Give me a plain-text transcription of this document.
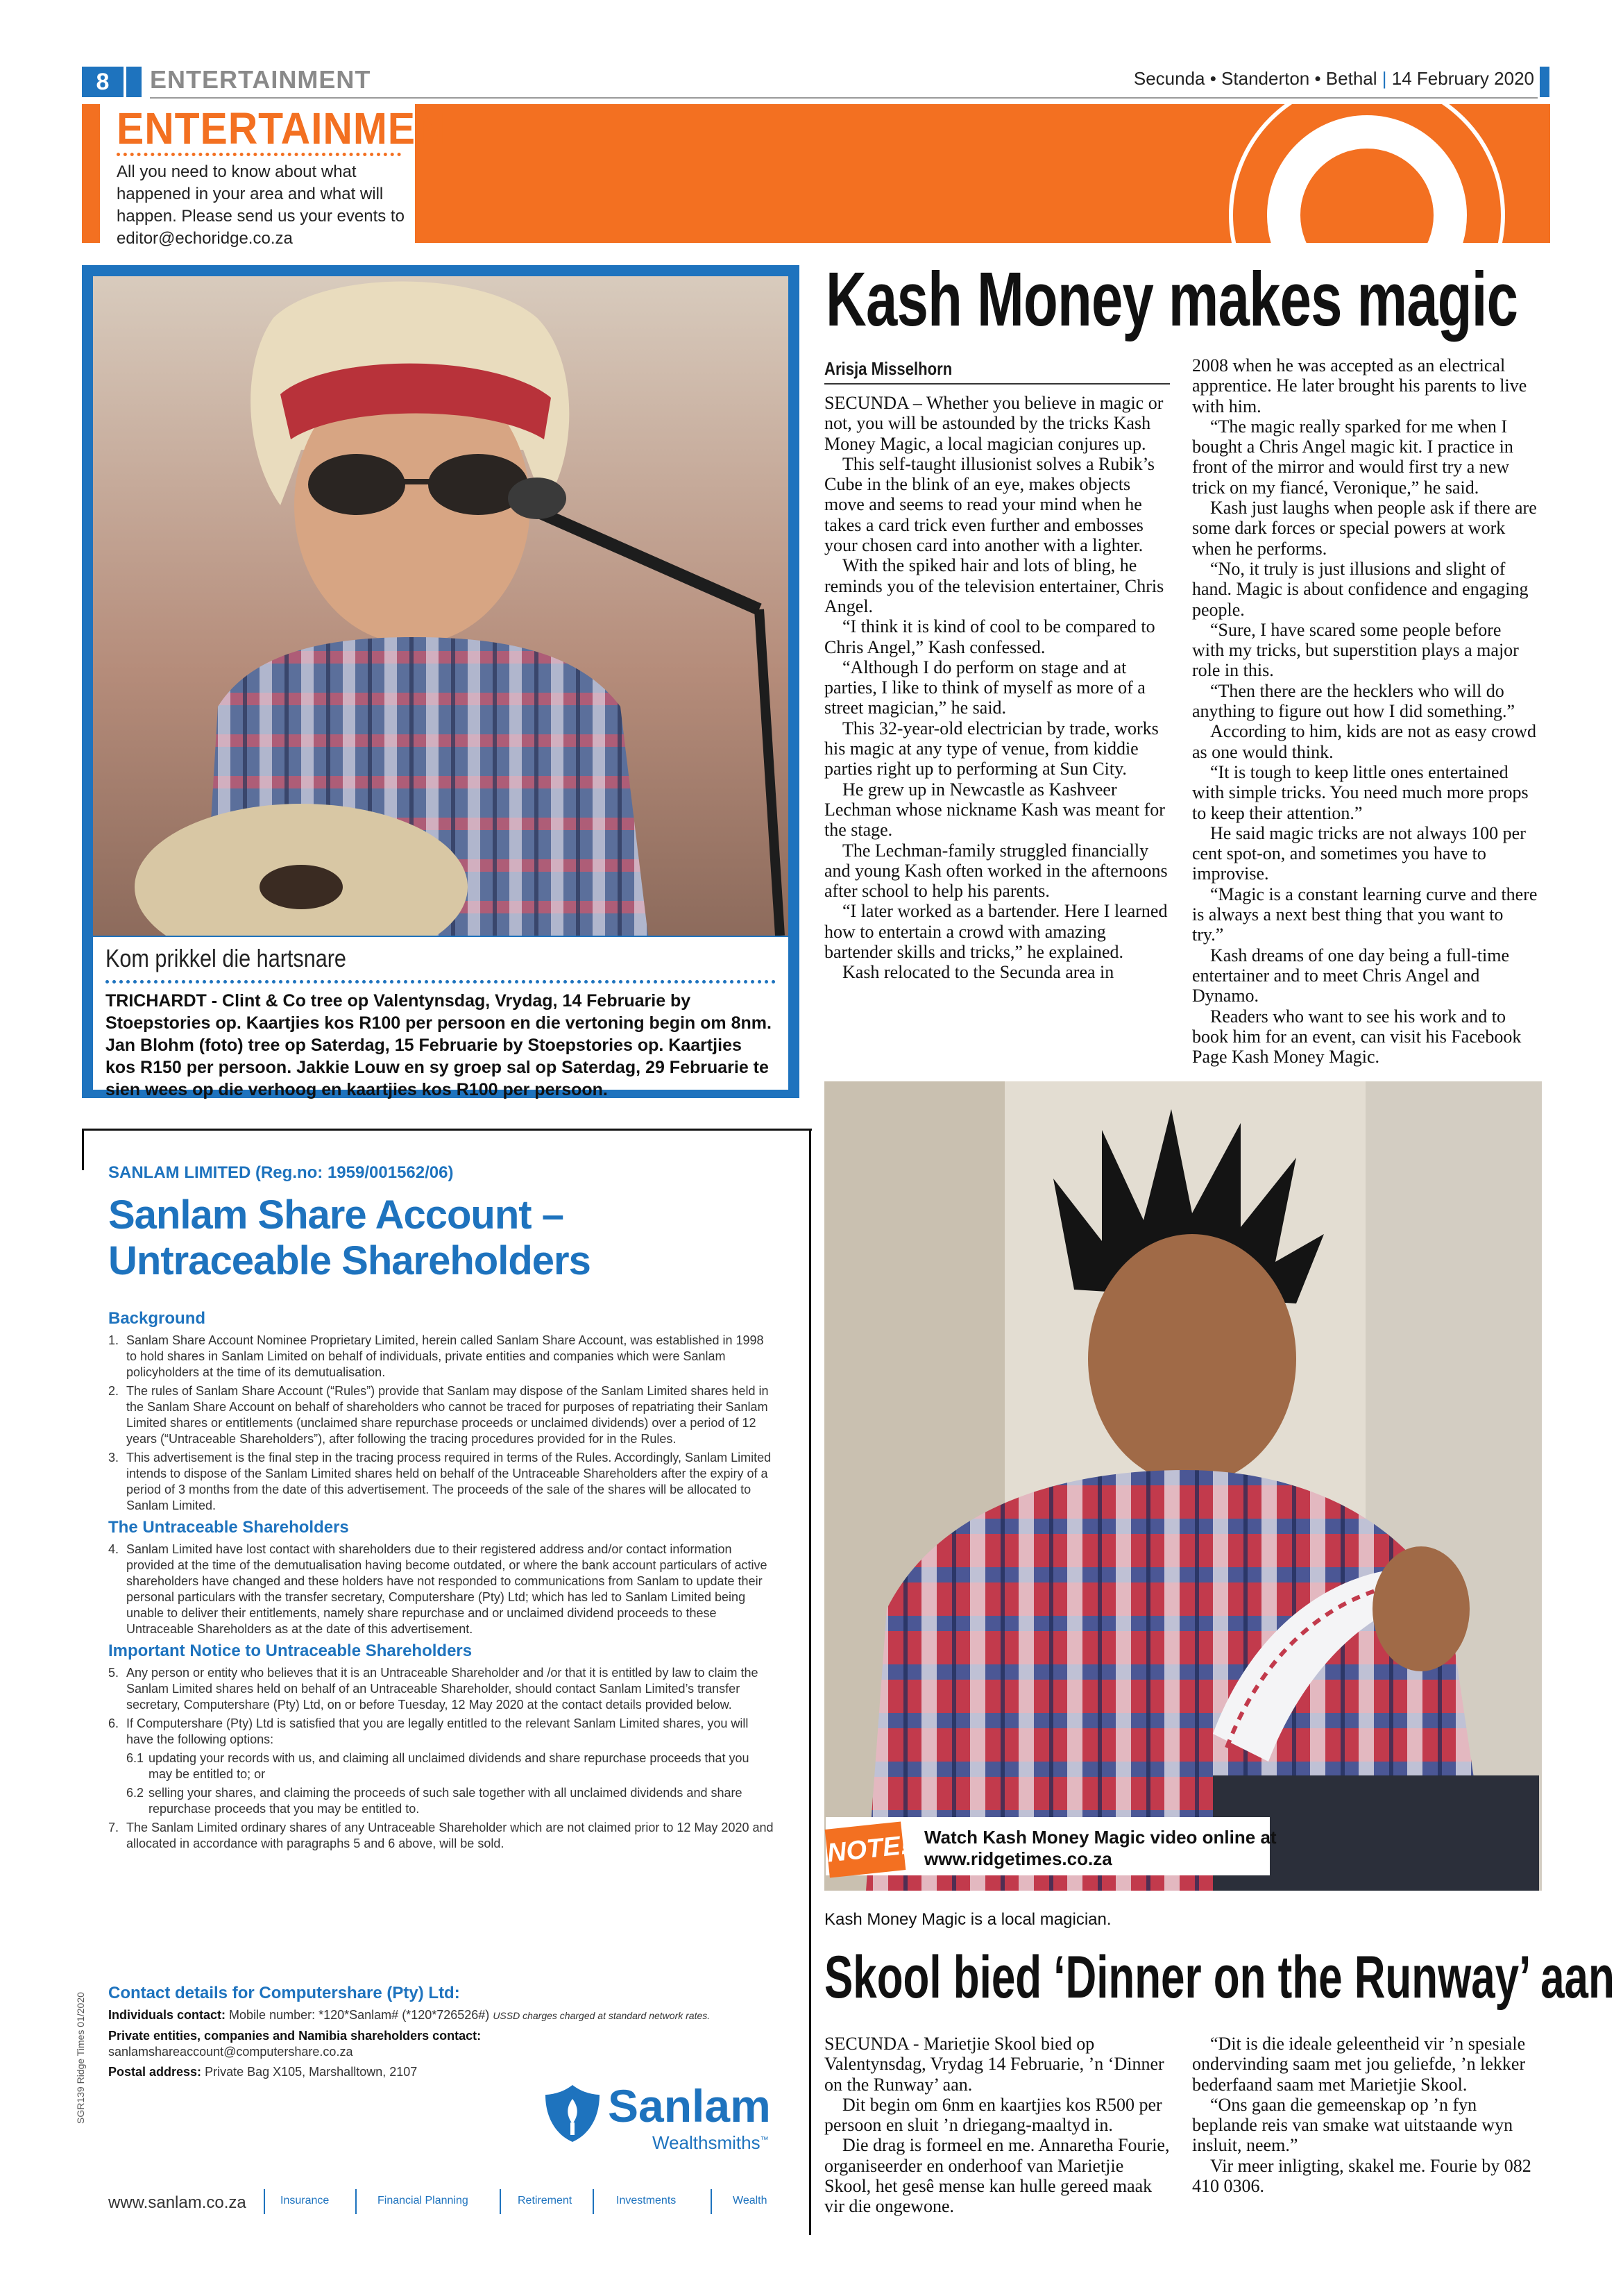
8	ENTERTAINMENT	Secunda • Standerton • Bethal | 14 February 2020
ENTERTAINMENT
All you need to know about what happened in your area and what will happen. Please send us your events to editor@echoridge.co.za
Kom prikkel die hartsnare
TRICHARDT - Clint & Co tree op Valentynsdag, Vrydag, 14 Februarie by Stoepstories op. Kaartjies kos R100 per persoon en die vertoning begin om 8nm. Jan Blohm (foto) tree op Saterdag, 15 Februarie by Stoepstories op. Kaartjies kos R150 per persoon. Jakkie Louw en sy groep sal op Saterdag, 29 Februarie te sien wees op die verhoog en kaartjies kos R100 per persoon.
Kash Money makes magic
Arisja Misselhorn

SECUNDA – Whether you believe in magic or not, you will be astounded by the tricks Kash Money Magic, a local magician conjures up.

This self-taught illusionist solves a Rubik’s Cube in the blink of an eye, makes objects move and seems to read your mind when he takes a card trick even further and embosses your chosen card into another with a lighter.

With the spiked hair and lots of bling, he reminds you of the television entertainer, Chris Angel.

“I think it is kind of cool to be compared to Chris Angel,” Kash confessed.

“Although I do perform on stage and at parties, I like to think of myself as more of a street magician,” he said.

This 32-year-old electrician by trade, works his magic at any type of venue, from kiddie parties right up to performing at Sun City.

He grew up in Newcastle as Kashveer Lechman whose nickname Kash was meant for the stage.

The Lechman-family struggled financially and young Kash often worked in the afternoons after school to help his parents.

“I later worked as a bartender. Here I learned how to entertain a crowd with amazing bartender skills and tricks,” he explained.

Kash relocated to the Secunda area in

2008 when he was accepted as an electrical apprentice. He later brought his parents to live with him.

“The magic really sparked for me when I bought a Chris Angel magic kit. I practice in front of the mirror and would first try a new trick on my fiancé, Veronique,” he said.

Kash just laughs when people ask if there are some dark forces or special powers at work when he performs.

“No, it truly is just illusions and slight of hand. Magic is about confidence and engaging people.

“Sure, I have scared some people before with my tricks, but superstition plays a major role in this.

“Then there are the hecklers who will do anything to figure out how I did something.”

According to him, kids are not as easy crowd as one would think.

“It is tough to keep little ones entertained with simple tricks. You need much more props to keep their attention.”

He said magic tricks are not always 100 per cent spot-on, and sometimes you have to improvise.

“Magic is a constant learning curve and there is always a next best thing that you want to try.”

Kash dreams of one day being a full-time entertainer and to meet Chris Angel and Dynamo.

Readers who want to see his work and to book him for an event, can visit his Facebook Page Kash Money Magic.

NOTE! Watch Kash Money Magic video online at www.ridgetimes.co.za
Kash Money Magic is a local magician.
Skool bied ‘Dinner on the Runway’ aan

SECUNDA - Marietjie Skool bied op Valentynsdag, Vrydag 14 Februarie, ’n ‘Dinner on the Runway’ aan.

Dit begin om 6nm en kaartjies kos R500 per persoon en sluit ’n driegang-maaltyd in.

Die drag is formeel en me. Annaretha Fourie, organiseerder en onderhoof van Marietjie Skool, het gesê mense kan hulle gereed maak vir die ongewone.

“Dit is die ideale geleentheid vir ’n spesiale ondervinding saam met jou geliefde, ’n lekker bederfaand saam met Marietjie Skool.

“Ons gaan die gemeenskap op ’n fyn beplande reis van smake wat uitstaande wyn insluit, neem.”

Vir meer inligting, skakel me. Fourie by 082 410 0306.

SANLAM LIMITED (Reg.no: 1959/001562/06)
Sanlam Share Account –
Untraceable Shareholders
Background
1. Sanlam Share Account Nominee Proprietary Limited, herein called Sanlam Share Account, was established in 1998 to hold shares in Sanlam Limited on behalf of individuals, private entities and companies which were Sanlam policyholders at the time of its demutualisation.
2. The rules of Sanlam Share Account (“Rules”) provide that Sanlam may dispose of the Sanlam Limited shares held in the Sanlam Share Account on behalf of shareholders who cannot be traced for purposes of repatriating their Sanlam Limited shares or entitlements (unclaimed share repurchase proceeds or unclaimed dividends) over a period of 12 years (“Untraceable Shareholders”), after following the tracing procedures provided for in the Rules.
3. This advertisement is the final step in the tracing process required in terms of the Rules. Accordingly, Sanlam Limited intends to dispose of the Sanlam Limited shares held on behalf of the Untraceable Shareholders after the expiry of a period of 3 months from the date of this advertisement. The proceeds of the sale of the shares will be allocated to Sanlam Limited.
The Untraceable Shareholders
4. Sanlam Limited have lost contact with shareholders due to their registered address and/or contact information provided at the time of the demutualisation having become outdated, or where the bank account particulars of active shareholders have changed and these holders have not responded to communications from Sanlam to update their personal particulars with the transfer secretary, Computershare (Pty) Ltd; which has led to Sanlam Limited being unable to deliver their entitlements, namely share repurchase and or unclaimed dividend proceeds to these Untraceable Shareholders as at the date of this advertisement.
Important Notice to Untraceable Shareholders
5. Any person or entity who believes that it is an Untraceable Shareholder and /or that it is entitled by law to claim the Sanlam Limited shares held on behalf of an Untraceable Shareholder, should contact Sanlam Limited’s transfer secretary, Computershare (Pty) Ltd, on or before Tuesday, 12 May 2020 at the contact details provided below.
6. If Computershare (Pty) Ltd is satisfied that you are legally entitled to the relevant Sanlam Limited shares, you will have the following options:
6.1 updating your records with us, and claiming all unclaimed dividends and share repurchase proceeds that you may be entitled to; or
6.2 selling your shares, and claiming the proceeds of such sale together with all unclaimed dividends and share repurchase proceeds that you may be entitled to.
7. The Sanlam Limited ordinary shares of any Untraceable Shareholder which are not claimed prior to 12 May 2020 and allocated in accordance with paragraphs 5 and 6 above, will be sold.
Contact details for Computershare (Pty) Ltd:
Individuals contact: Mobile number: *120*Sanlam# (*120*726526#) USSD charges charged at standard network rates.
Private entities, companies and Namibia shareholders contact:
sanlamshareaccount@computershare.co.za
Postal address: Private Bag X105, Marshalltown, 2107
SGR139 Ridge Times 01/2020	Sanlam
Wealthsmiths™
www.sanlam.co.za	Insurance	Financial Planning	Retirement	Investments	Wealth
